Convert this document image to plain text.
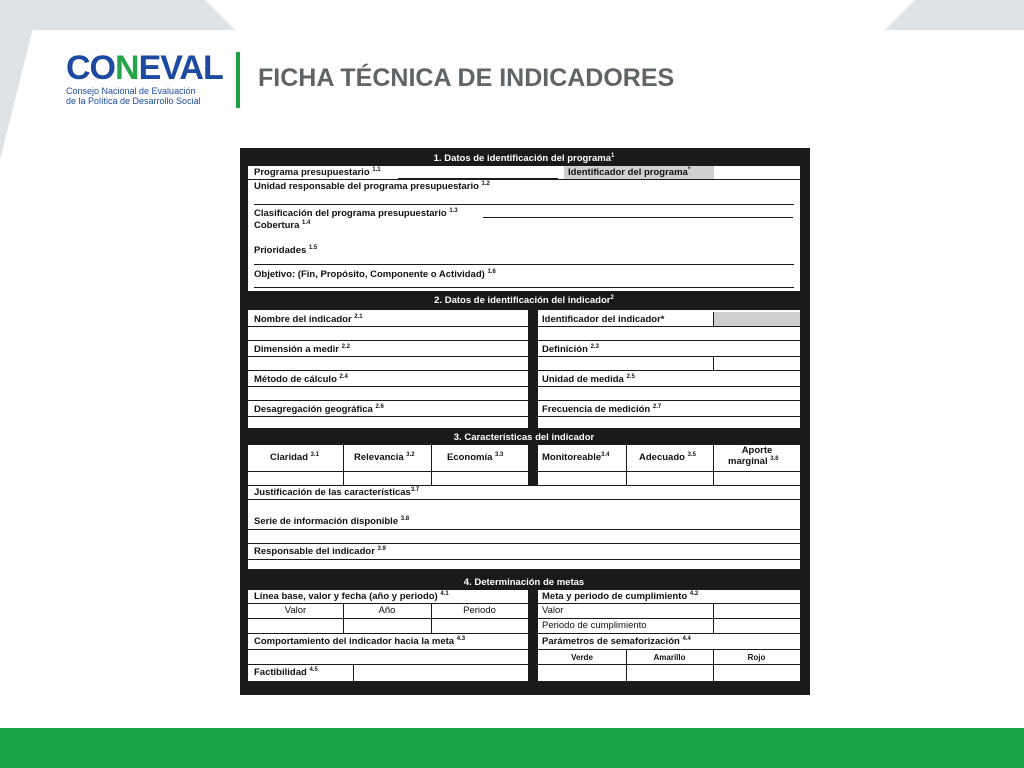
CONEVAL
Consejo Nacional de Evaluación
de la Política de Desarrollo Social
FICHA TÉCNICA DE INDICADORES
1. Datos de identificación del programa$^1$
Programa presupuestario $^{1.1}$	Identificador del programa*
Unidad responsable del programa presupuestario $^{1.2}$
Clasificación del programa presupuestario $^{1.3}$
Cobertura $^{1.4}$
Prioridades $^{1.5}$
Objetivo: (Fin, Propósito, Componente o Actividad) $^{1.6}$
2. Datos de identificación del indicador$^2$
Nombre del indicador $^{2.1}$	Identificador del indicador*
Dimensión a medir $^{2.2}$	Definición $^{2.3}$
Método de cálculo $^{2.4}$	Unidad de medida $^{2.5}$
Desagregación geográfica $^{2.6}$	Frecuencia de medición $^{2.7}$
3. Características del indicador
Claridad $^{3.1}$	Relevancia $^{3.2}$	Economía $^{3.3}$	Monitoreable$^{3.4}$	Adecuado $^{3.5}$	Aporte
marginal $^{3.6}$
Justificación de las características$^{3.7}$
Serie de información disponible $^{3.8}$
Responsable del indicador $^{3.9}$
4. Determinación de metas
Línea base, valor y fecha (año y periodo) $^{4.1}$	Meta y periodo de cumplimiento $^{4.2}$
Valor	Año	Periodo	Valor
Periodo de cumplimiento
Comportamiento del indicador hacia la meta $^{4.3}$	Parámetros de semaforización $^{4.4}$
Verde	Amarillo	Rojo
Factibilidad $^{4.5}$
